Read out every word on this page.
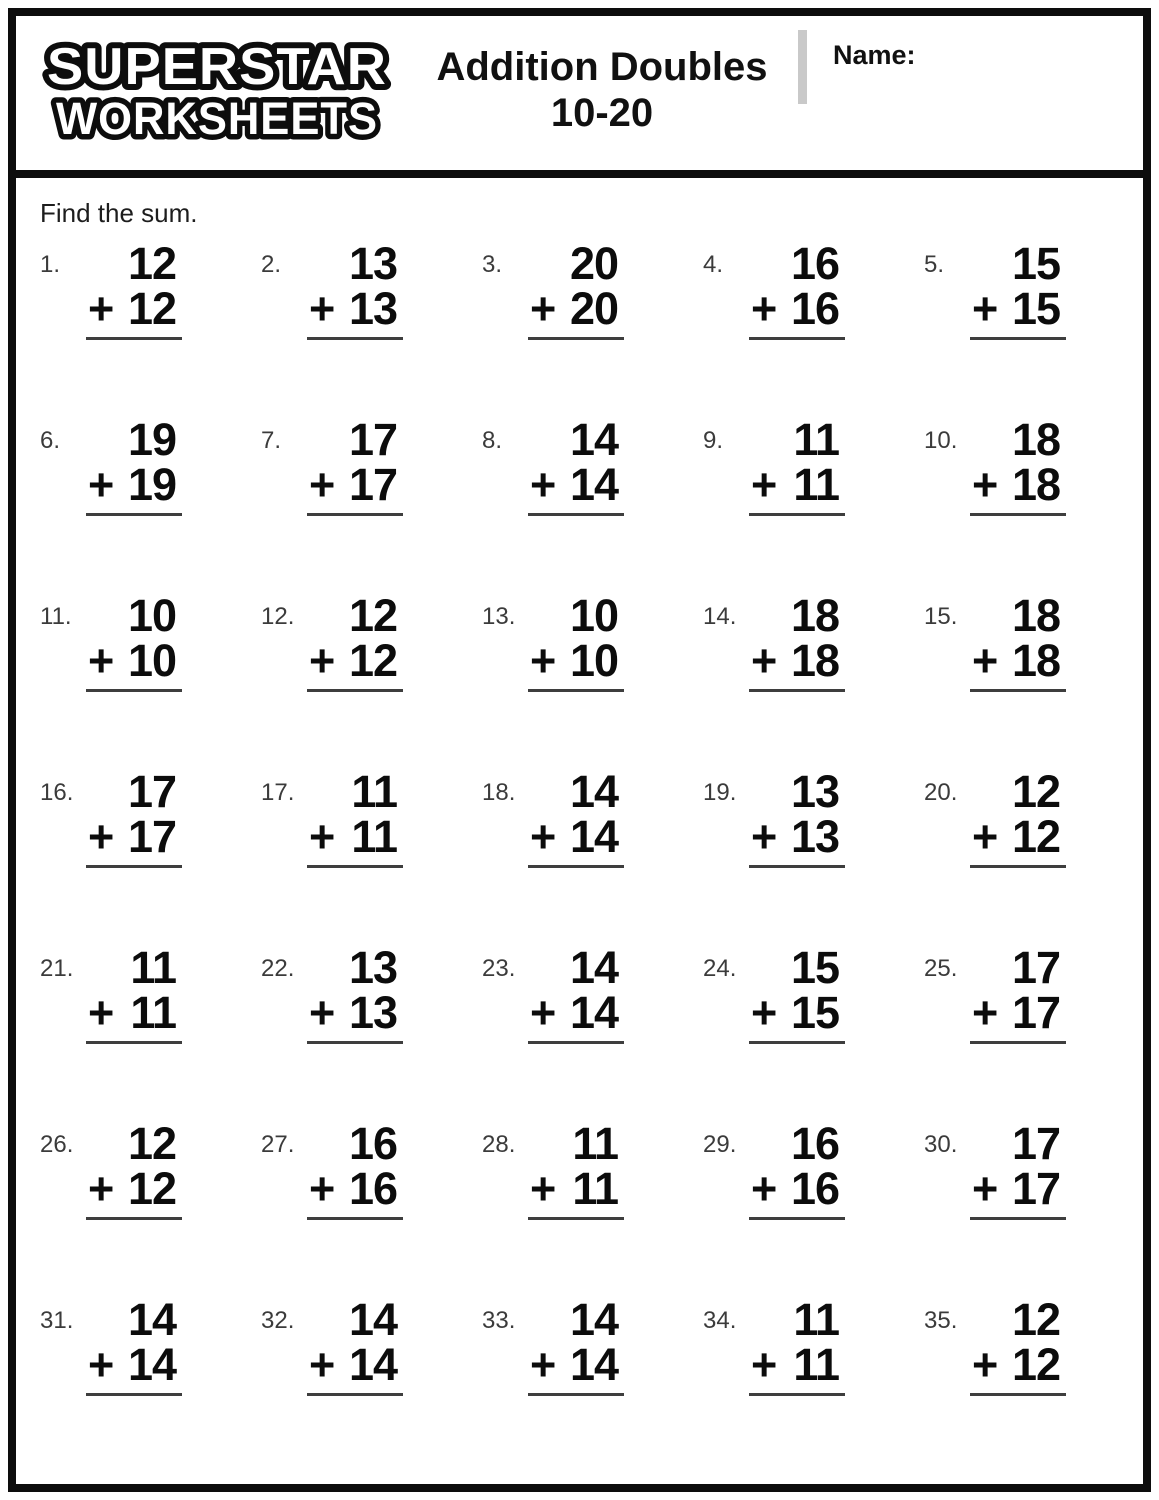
SUPERSTAR
WORKSHEETS
Addition Doubles
10-20
Name:
Find the sum.
1.	12
+ 12
2.	13
+ 13
3.	20
+ 20
4.	16
+ 16
5.	15
+ 15
6.	19
+ 19
7.	17
+ 17
8.	14
+ 14
9.	11
+ 11
10.	18
+ 18
11.	10
+ 10
12.	12
+ 12
13.	10
+ 10
14.	18
+ 18
15.	18
+ 18
16.	17
+ 17
17.	11
+ 11
18.	14
+ 14
19.	13
+ 13
20.	12
+ 12
21.	11
+ 11
22.	13
+ 13
23.	14
+ 14
24.	15
+ 15
25.	17
+ 17
26.	12
+ 12
27.	16
+ 16
28.	11
+ 11
29.	16
+ 16
30.	17
+ 17
31.	14
+ 14
32.	14
+ 14
33.	14
+ 14
34.	11
+ 11
35.	12
+ 12
